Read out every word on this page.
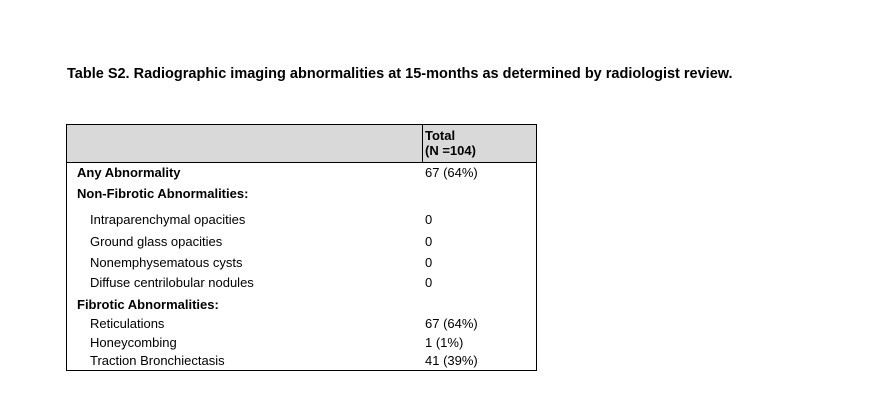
Table S2. Radiographic imaging abnormalities at 15-months as determined by radiologist review.
Total
(N =104)
Any Abnormality	67 (64%)
Non-Fibrotic Abnormalities:
Intraparenchymal opacities	0
Ground glass opacities	0
Nonemphysematous cysts	0
Diffuse centrilobular nodules	0
Fibrotic Abnormalities:
Reticulations	67 (64%)
Honeycombing	1 (1%)
Traction Bronchiectasis	41 (39%)
